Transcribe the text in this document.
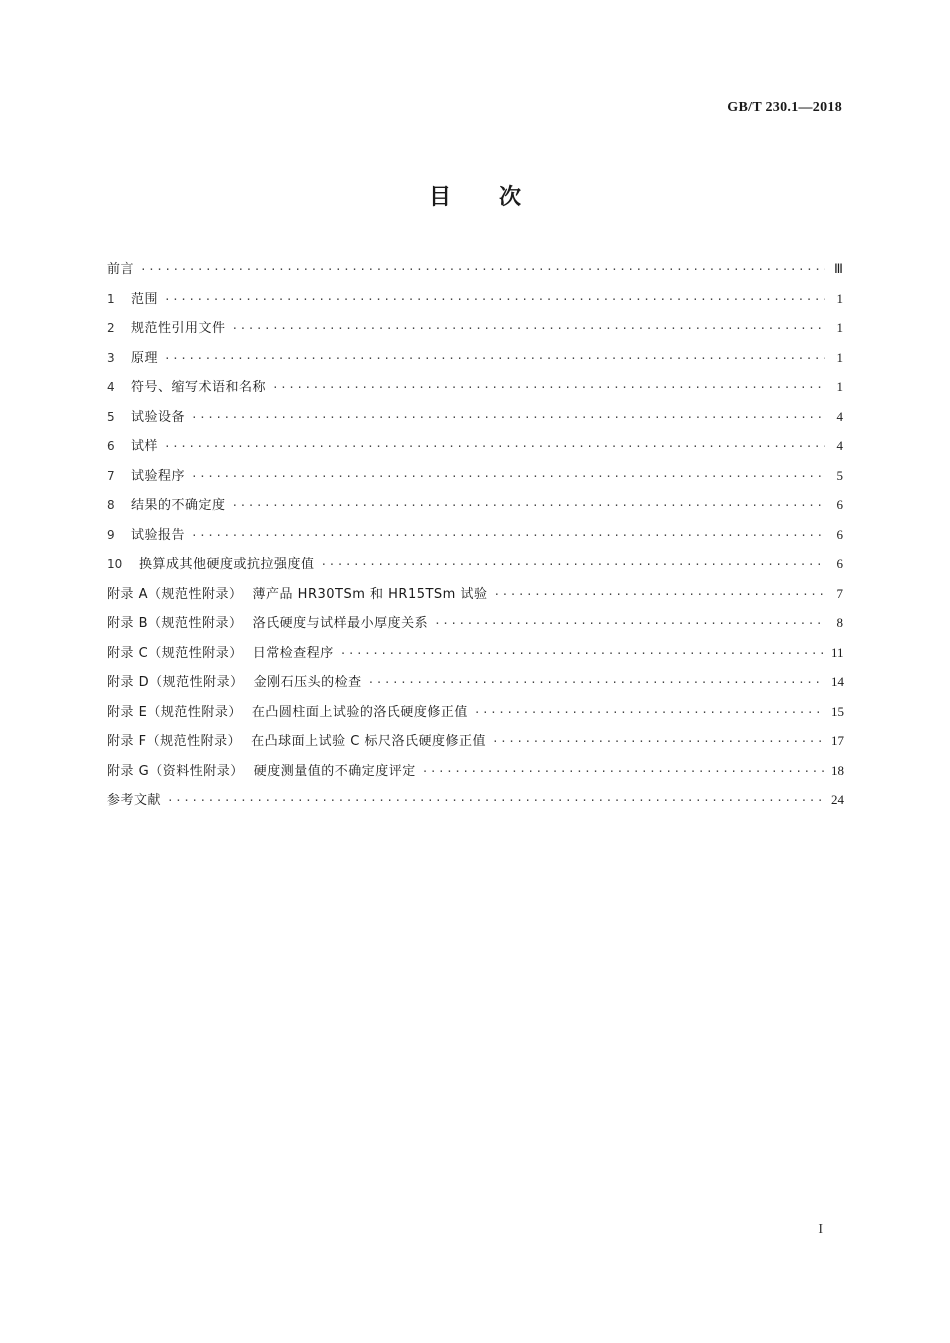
GB/T 230.1—2018
目 次
前言 ·····	Ⅲ
1	范围 ·····	1
2	规范性引用文件 ·····	1
3	原理 ·····	1
4	符号、缩写术语和名称 ·····	1
5	试验设备 ·····	4
6	试样 ·····	4
7	试验程序 ·····	5
8	结果的不确定度 ·····	6
9	试验报告 ·····	6
10	换算成其他硬度或抗拉强度值 ·····	6
附录 A（规范性附录） 薄产品 HR30TSm 和 HR15TSm 试验 ·····	7
附录 B（规范性附录） 洛氏硬度与试样最小厚度关系 ·····	8
附录 C（规范性附录） 日常检查程序 ·····	11
附录 D（规范性附录） 金刚石压头的检查 ·····	14
附录 E（规范性附录） 在凸圆柱面上试验的洛氏硬度修正值 ·····	15
附录 F（规范性附录） 在凸球面上试验 C 标尺洛氏硬度修正值 ·····	17
附录 G（资料性附录） 硬度测量值的不确定度评定 ·····	18
参考文献 ·····	24
I
